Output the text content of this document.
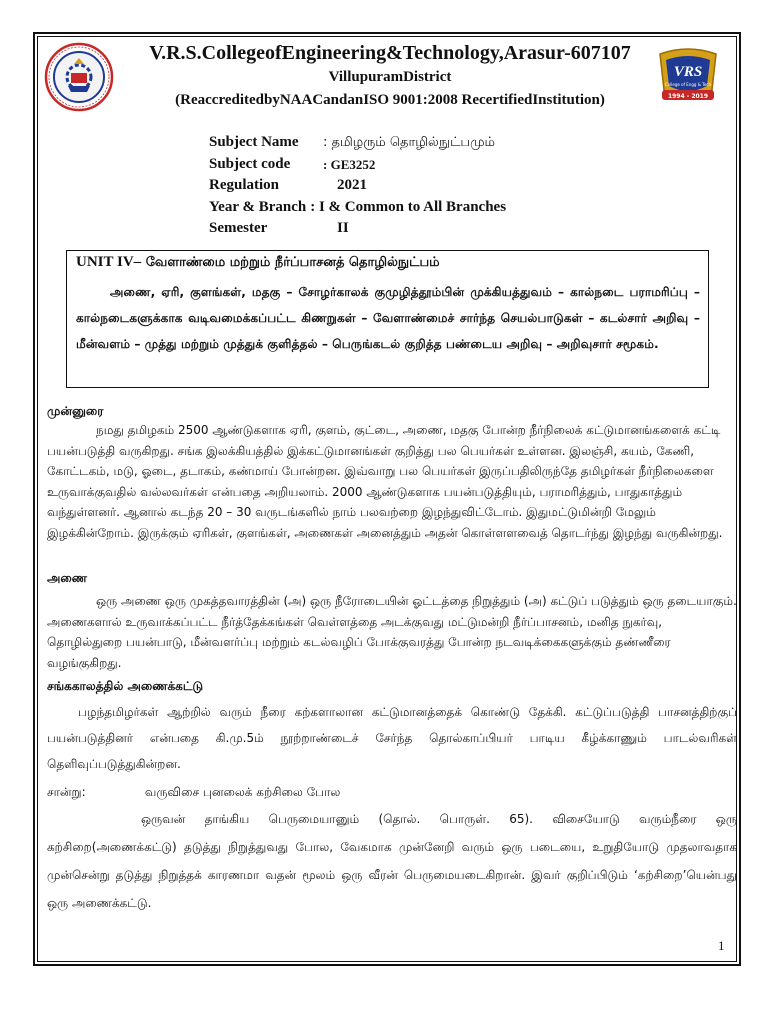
VRS
College of Engg & Tech
1994 - 2019
V.R.S.CollegeofEngineering&Technology,Arasur-607107
VillupuramDistrict
(ReaccreditedbyNAACandanISO 9001:2008 RecertifiedInstitution)
Subject Name	: தமிழரும் தொழில்நுட்பமும்
Subject code	: GE3252
Regulation	2021
Year & Branch : I & Common to All Branches
Semester	II

UNIT IV– வேளாண்மை மற்றும் நீர்ப்பாசனத் தொழில்நுட்பம்

அணை, ஏரி, குளங்கள், மதகு – சோழர்காலக் குமுழித்தூம்பின் முக்கியத்துவம் – கால்நடை பராமரிப்பு – கால்நடைகளுக்காக வடிவமைக்கப்பட்ட கிணறுகள் – வேளாண்மைச் சார்ந்த செயல்பாடுகள் – கடல்சார் அறிவு – மீன்வளம் – முத்து மற்றும் முத்துக் குளித்தல் – பெருங்கடல் குறித்த பண்டைய அறிவு – அறிவுசார் சமூகம்.

முன்னுரை

நமது தமிழகம் 2500 ஆண்டுகளாக ஏரி, குளம், குட்டை, அணை, மதகு போன்ற நீர்நிலைக் கட்டுமானங்களைக் கட்டி பயன்படுத்தி வருகிறது. சங்க இலக்கியத்தில் இக்கட்டுமானங்கள் குறித்து பல பெயர்கள் உள்ளன. இலஞ்சி, கயம், கேணி, கோட்டகம், மடு, ஓடை, தடாகம், கண்மாய் போன்றன. இவ்வாறு பல பெயர்கள் இருப்பதிலிருந்தே தமிழர்கள் நீர்நிலைகளை உருவாக்குவதில் வல்லவர்கள் என்பதை அறியலாம். 2000 ஆண்டுகளாக பயன்படுத்தியும், பராமரித்தும், பாதுகாத்தும் வந்துள்ளனர். ஆனால் கடந்த 20 – 30 வருடங்களில் நாம் பலவற்றை இழந்துவிட்டோம். இதுமட்டுமின்றி மேலும் இழக்கின்றோம். இருக்கும் ஏரிகள், குளங்கள், அணைகள் அனைத்தும் அதன் கொள்ளளவைத் தொடர்ந்து இழந்து வருகின்றது.

அணை

ஒரு அணை ஒரு முகத்தவாரத்தின் (அ) ஒரு நீரோடையின் ஓட்டத்தை நிறுத்தும் (அ) கட்டுப் படுத்தும் ஒரு தடையாகும். அணைகளால் உருவாக்கப்பட்ட நீர்த்தேக்கங்கள் வெள்ளத்தை அடக்குவது மட்டுமன்றி நீர்ப்பாசனம், மனித நுகர்வு, தொழில்துறை பயன்பாடு, மீன்வளர்ப்பு மற்றும் கடல்வழிப் போக்குவரத்து போன்ற நடவடிக்கைகளுக்கும் தண்ணீரை வழங்குகிறது.

சங்ககாலத்தில் அணைக்கட்டு

பழந்தமிழர்கள் ஆற்றில் வரும் நீரை கற்களாலான கட்டுமானத்தைக் கொண்டு தேக்கி. கட்டுப்படுத்தி பாசனத்திற்குப் பயன்படுத்தினர் என்பதை கி.மு.5ம் நூற்றாண்டைச் சேர்ந்த தொல்காப்பியர் பாடிய கீழ்க்காணும் பாடல்வரிகள் தெளிவுப்படுத்துகின்றன.

சான்று:	வருவிசை புனலைக் கற்சிலை போல

ஒருவன் தாங்கிய பெருமையானும் (தொல். பொருள். 65). விசையோடு வரும்நீரை ஒரு கற்சிறை(அணைக்கட்டு) தடுத்து நிறுத்துவது போல, வேகமாக முன்னேறி வரும் ஒரு படையை, உறுதியோடு முதலாவதாக முன்சென்று தடுத்து நிறுத்தக் காரணமா வதன் மூலம் ஒரு வீரன் பெருமையடைகிறான். இவர் குறிப்பிடும் ‘கற்சிறை’யென்பது ஒரு அணைக்கட்டு.

1
